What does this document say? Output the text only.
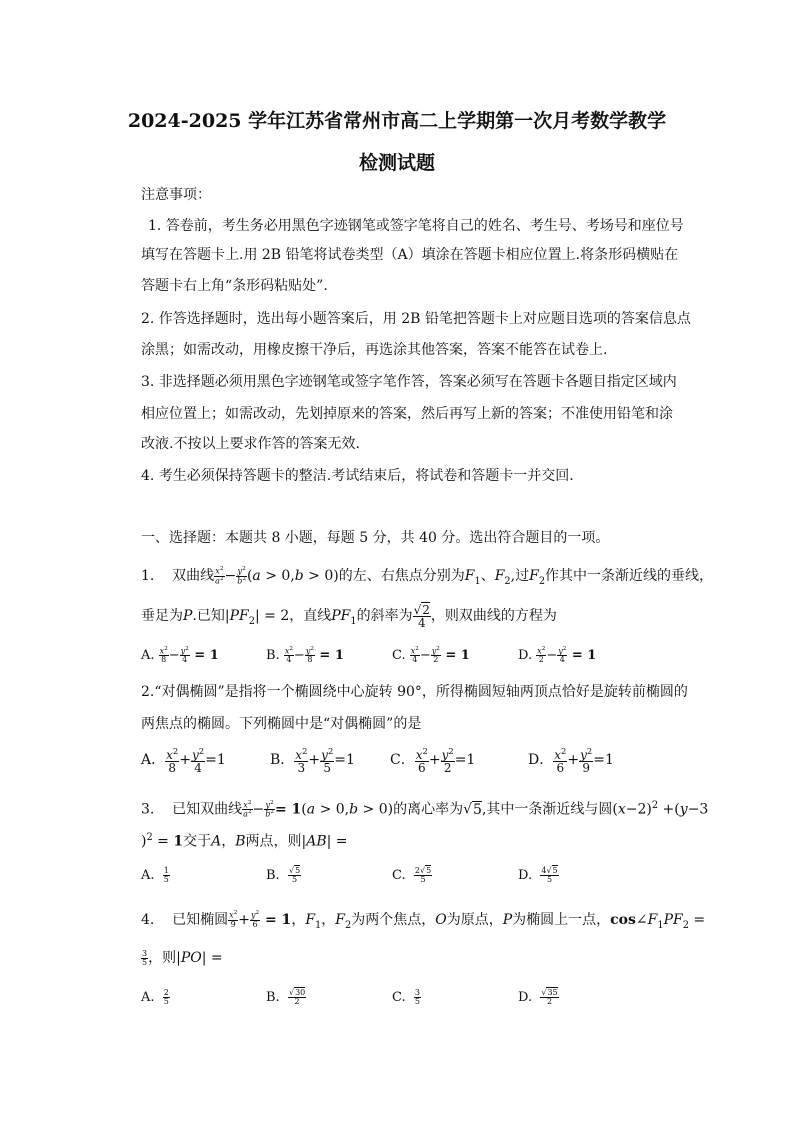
2024-2025 学年江苏省常州市高二上学期第一次月考数学教学
检测试题
注意事项：
1. 答卷前，考生务必用黑色字迹钢笔或签字笔将自己的姓名、考生号、考场号和座位号
填写在答题卡上.用 2B 铅笔将试卷类型（A）填涂在答题卡相应位置上.将条形码横贴在
答题卡右上角“条形码粘贴处”.
2. 作答选择题时，选出每小题答案后，用 2B 铅笔把答题卡上对应题目选项的答案信息点
涂黑；如需改动，用橡皮擦干净后，再选涂其他答案，答案不能答在试卷上.
3. 非选择题必须用黑色字迹钢笔或签字笔作答，答案必须写在答题卡各题目指定区域内
相应位置上；如需改动，先划掉原来的答案，然后再写上新的答案；不准使用铅笔和涂
改液.不按以上要求作答的答案无效.
4. 考生必须保持答题卡的整洁.考试结束后，将试卷和答题卡一并交回.
一、选择题：本题共 8 小题，每题 5 分，共 40 分。选出符合题目的一项。
1. 双曲线 $\frac{x^2}{a^2} - \frac{y^2}{b^2} (a > 0,b > 0)$的左、右焦点分别为$F_1$、$F_2$,过$F_2$作其中一条渐近线的垂线，
垂足为P.已知$|PF_2| = 2$，直线$PF_1$的斜率为 $\frac{√2}{4}$ ，则双曲线的方程为
A. $\frac{x^2}{8} - \frac{y^2}{4} = 1$	B. $\frac{x^2}{4} - \frac{y^2}{8} = 1$	C. $\frac{x^2}{4} - \frac{y^2}{2} = 1$	D. $\frac{x^2}{2} - \frac{y^2}{4} = 1$
2.“对偶椭圆”是指将一个椭圆绕中心旋转 90°，所得椭圆短轴两顶点恰好是旋转前椭圆的
两焦点的椭圆。下列椭圆中是“对偶椭圆”的是
A． $\frac{x^2}{8} + \frac{y^2}{4} =1$	B． $\frac{x^2}{3} + \frac{y^2}{5} =1$	C． $\frac{x^2}{6} + \frac{y^2}{2} =1$	D． $\frac{x^2}{6} + \frac{y^2}{9} =1$
3. 已知双曲线 $\frac{x^2}{a^2} - \frac{y^2}{b^2} = 1(a > 0,b > 0)$的离心率为√5,其中一条渐近线与圆$(x-2)^2 +(y-3$
)$^2$ = 1交于A，B两点，则|AB| =
A. $\frac{1}{5}$	B. $\frac{√5}{5}$	C. $\frac{2√5}{5}$	D. $\frac{4√5}{5}$
4. 已知椭圆 $\frac{x^2}{9} + \frac{y^2}{6} = 1$，$F_1$，$F_2$为两个焦点，O为原点，P为椭圆上一点，$\cos\angle F_1PF_2$ =
$\frac{3}{5}$ ，则|PO| =
A. $\frac{2}{5}$	B. $\frac{√30}{2}$	C. $\frac{3}{5}$	D. $\frac{√35}{2}$
